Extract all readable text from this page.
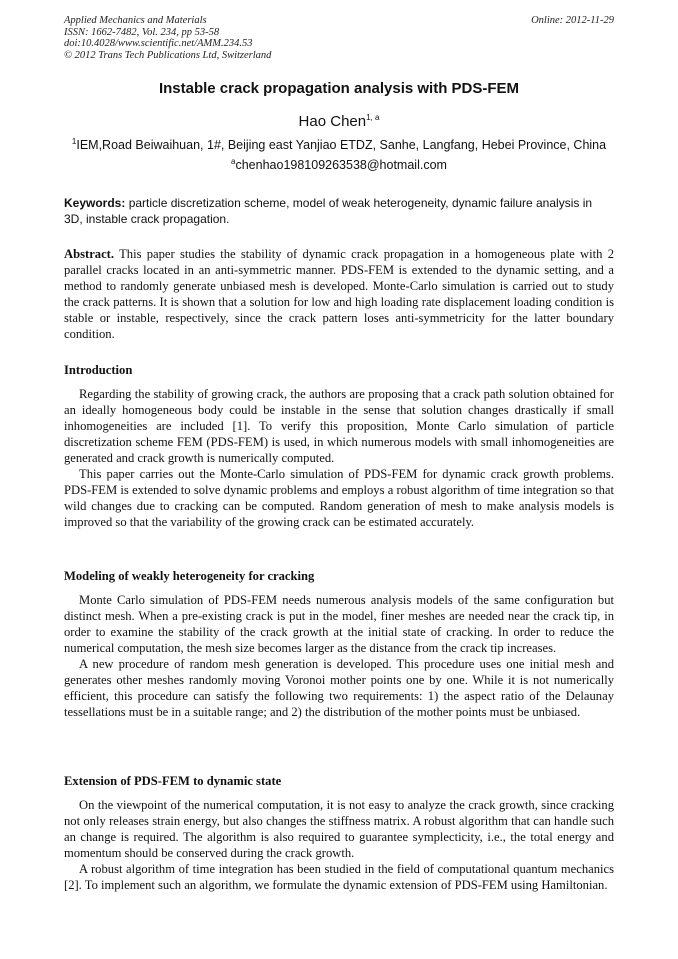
Applied Mechanics and Materials
ISSN: 1662-7482, Vol. 234, pp 53-58
doi:10.4028/www.scientific.net/AMM.234.53
© 2012 Trans Tech Publications Ltd, Switzerland
Online: 2012-11-29
Instable crack propagation analysis with PDS-FEM
Hao Chen$^{1, a}$
$^1$IEM,Road Beiwaihuan, 1#, Beijing east Yanjiao ETDZ, Sanhe, Langfang, Hebei Province, China
$^a$chenhao198109263538@hotmail.com
Keywords: particle discretization scheme, model of weak heterogeneity, dynamic failure analysis in 3D, instable crack propagation.

Abstract. This paper studies the stability of dynamic crack propagation in a homogeneous plate with 2 parallel cracks located in an anti-symmetric manner. PDS-FEM is extended to the dynamic setting, and a method to randomly generate unbiased mesh is developed. Monte-Carlo simulation is carried out to study the crack patterns. It is shown that a solution for low and high loading rate displacement loading condition is stable or instable, respectively, since the crack pattern loses anti-symmetricity for the latter boundary condition.

Introduction

Regarding the stability of growing crack, the authors are proposing that a crack path solution obtained for an ideally homogeneous body could be instable in the sense that solution changes drastically if small inhomogeneities are included [1]. To verify this proposition, Monte Carlo simulation of particle discretization scheme FEM (PDS-FEM) is used, in which numerous models with small inhomogeneities are generated and crack growth is numerically computed.

This paper carries out the Monte-Carlo simulation of PDS-FEM for dynamic crack growth problems. PDS-FEM is extended to solve dynamic problems and employs a robust algorithm of time integration so that wild changes due to cracking can be computed. Random generation of mesh to make analysis models is improved so that the variability of the growing crack can be estimated accurately.

Modeling of weakly heterogeneity for cracking

Monte Carlo simulation of PDS-FEM needs numerous analysis models of the same configuration but distinct mesh. When a pre-existing crack is put in the model, finer meshes are needed near the crack tip, in order to examine the stability of the crack growth at the initial state of cracking. In order to reduce the numerical computation, the mesh size becomes larger as the distance from the crack tip increases.

A new procedure of random mesh generation is developed. This procedure uses one initial mesh and generates other meshes randomly moving Voronoi mother points one by one. While it is not numerically efficient, this procedure can satisfy the following two requirements: 1) the aspect ratio of the Delaunay tessellations must be in a suitable range; and 2) the distribution of the mother points must be unbiased.

Extension of PDS-FEM to dynamic state

On the viewpoint of the numerical computation, it is not easy to analyze the crack growth, since cracking not only releases strain energy, but also changes the stiffness matrix. A robust algorithm that can handle such an change is required. The algorithm is also required to guarantee symplecticity, i.e., the total energy and momentum should be conserved during the crack growth.

A robust algorithm of time integration has been studied in the field of computational quantum mechanics [2]. To implement such an algorithm, we formulate the dynamic extension of PDS-FEM using Hamiltonian.
